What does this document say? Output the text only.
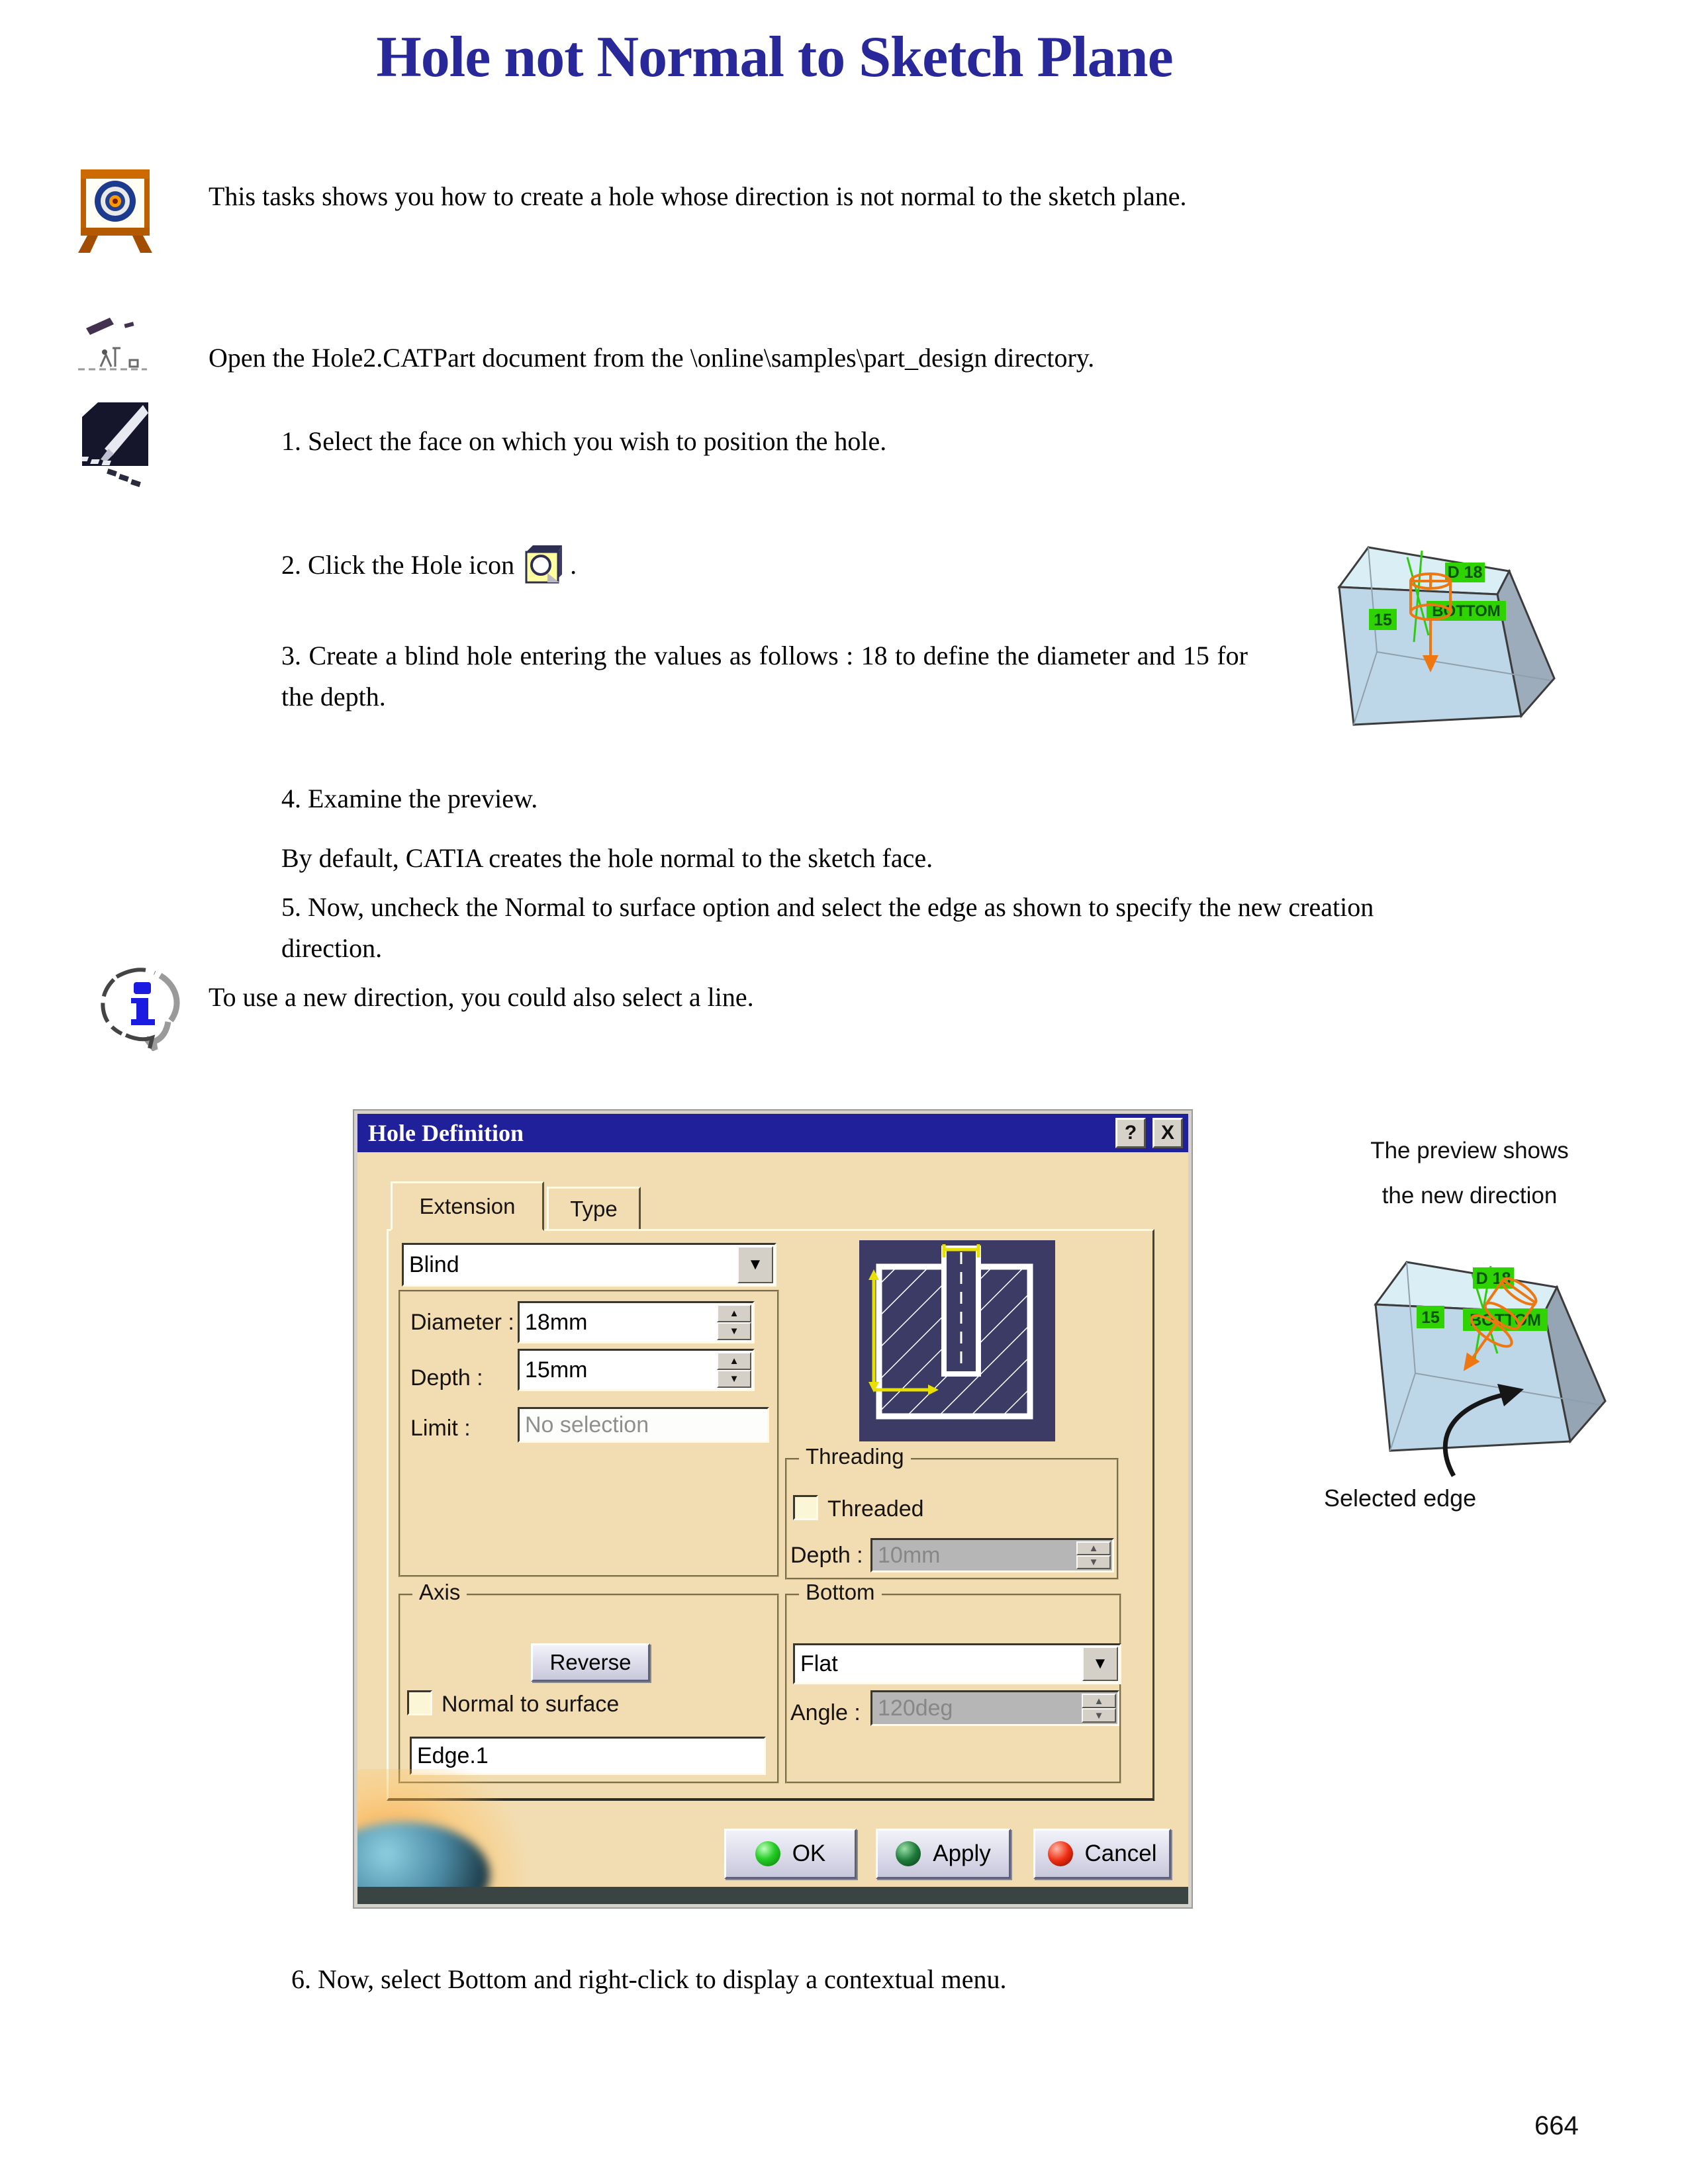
Hole not Normal to Sketch Plane
This tasks shows you how to create a hole whose direction is not normal to the sketch plane.
Open the Hole2.CATPart document from the \online\samples\part_design directory.
1. Select the face on which you wish to position the hole.
2. Click the Hole icon .
3. Create a blind hole entering the values as follows : 18 to define the diameter and 15 for the depth.
4. Examine the preview.
By default, CATIA creates the hole normal to the sketch face.
5. Now, uncheck the Normal to surface option and select the edge as shown to specify the new creation direction.
To use a new direction, you could also select a line.
6. Now, select Bottom and right-click to display a contextual menu.
664
D 18
15	BOTTOM
The preview shows
the new direction
D 18
15 BOTTOM
Selected edge
Hole Definition	?	X
Extension	Type
Blind
▼
Diameter :
18mm	▲
▼
Depth :
15mm
▲
▼
Limit :
No selection
Threading
Threaded
Depth :
10mm	▲
▼
Axis
Reverse
Normal to surface
Edge.1
Bottom
Flat
▼
Angle :
120deg	▲
▼
OK	Apply	Cancel
